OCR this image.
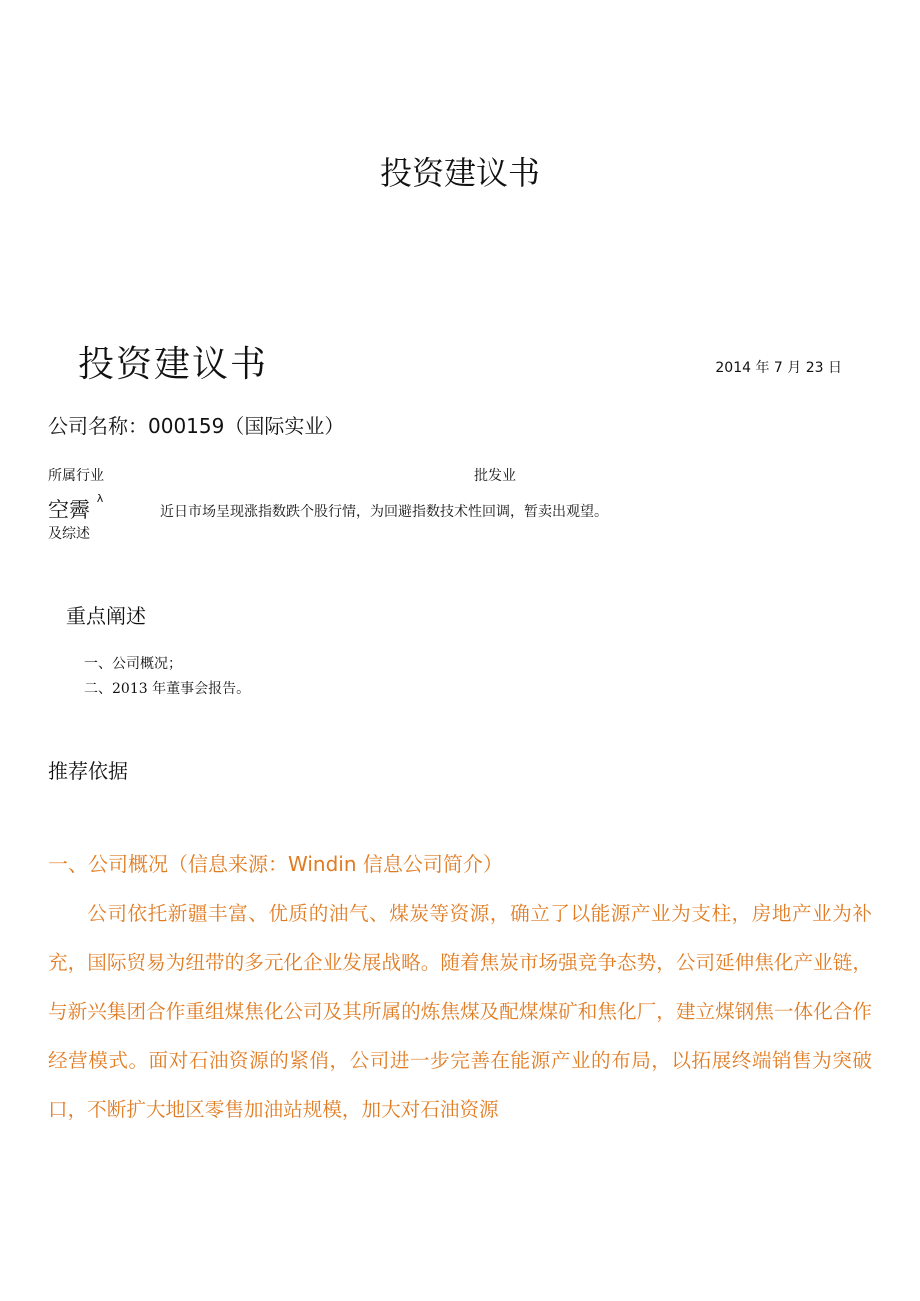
投资建议书
投资建议书	2014 年 7 月 23 日
公司名称：000159（国际实业）
所属行业	批发业
空霽 $^\lambda$
及综述
近日市场呈现涨指数跌个股行情，为回避指数技术性回调，暂卖出观望。
重点阐述
一、公司概况；
二、2013 年董事会报告。
推荐依据
一、公司概况（信息来源：Windin 信息公司简介）

公司依托新疆丰富、优质的油气、煤炭等资源，确立了以能源产业为支柱，房地产业为补充，国际贸易为纽带的多元化企业发展战略。随着焦炭市场强竞争态势，公司延伸焦化产业链，与新兴集团合作重组煤焦化公司及其所属的炼焦煤及配煤煤矿和焦化厂，建立煤钢焦一体化合作经营模式。面对石油资源的紧俏，公司进一步完善在能源产业的布局，以拓展终端销售为突破口，不断扩大地区零售加油站规模，加大对石油资源
